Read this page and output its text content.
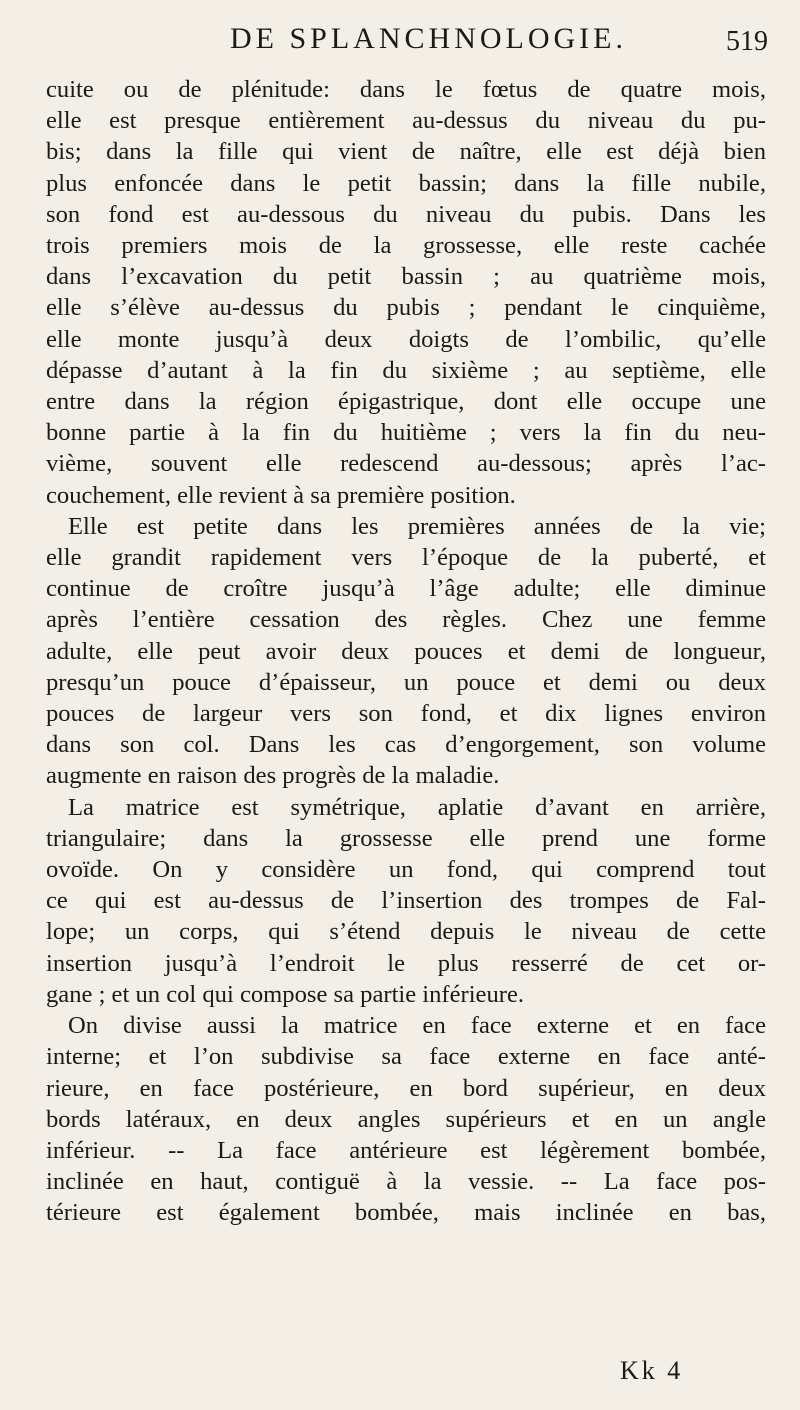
DE SPLANCHNOLOGIE.	519
cuite ou de plénitude: dans le fœtus de quatre mois,
elle est presque entièrement au-dessus du niveau du pu-
bis; dans la fille qui vient de naître, elle est déjà bien
plus enfoncée dans le petit bassin; dans la fille nubile,
son fond est au-dessous du niveau du pubis. Dans les
trois premiers mois de la grossesse, elle reste cachée
dans l’excavation du petit bassin ; au quatrième mois,
elle s’élève au-dessus du pubis ; pendant le cinquième,
elle monte jusqu’à deux doigts de l’ombilic, qu’elle
dépasse d’autant à la fin du sixième ; au septième, elle
entre dans la région épigastrique, dont elle occupe une
bonne partie à la fin du huitième ; vers la fin du neu-
vième, souvent elle redescend au-dessous; après l’ac-
couchement, elle revient à sa première position.
Elle est petite dans les premières années de la vie;
elle grandit rapidement vers l’époque de la puberté, et
continue de croître jusqu’à l’âge adulte; elle diminue
après l’entière cessation des règles. Chez une femme
adulte, elle peut avoir deux pouces et demi de longueur,
presqu’un pouce d’épaisseur, un pouce et demi ou deux
pouces de largeur vers son fond, et dix lignes environ
dans son col. Dans les cas d’engorgement, son volume
augmente en raison des progrès de la maladie.
La matrice est symétrique, aplatie d’avant en arrière,
triangulaire; dans la grossesse elle prend une forme
ovoïde. On y considère un fond, qui comprend tout
ce qui est au-dessus de l’insertion des trompes de Fal-
lope; un corps, qui s’étend depuis le niveau de cette
insertion jusqu’à l’endroit le plus resserré de cet or-
gane ; et un col qui compose sa partie inférieure.
On divise aussi la matrice en face externe et en face
interne; et l’on subdivise sa face externe en face anté-
rieure, en face postérieure, en bord supérieur, en deux
bords latéraux, en deux angles supérieurs et en un angle
inférieur. -- La face antérieure est légèrement bombée,
inclinée en haut, contiguë à la vessie. -- La face pos-
térieure est également bombée, mais inclinée en bas,
Kk 4
